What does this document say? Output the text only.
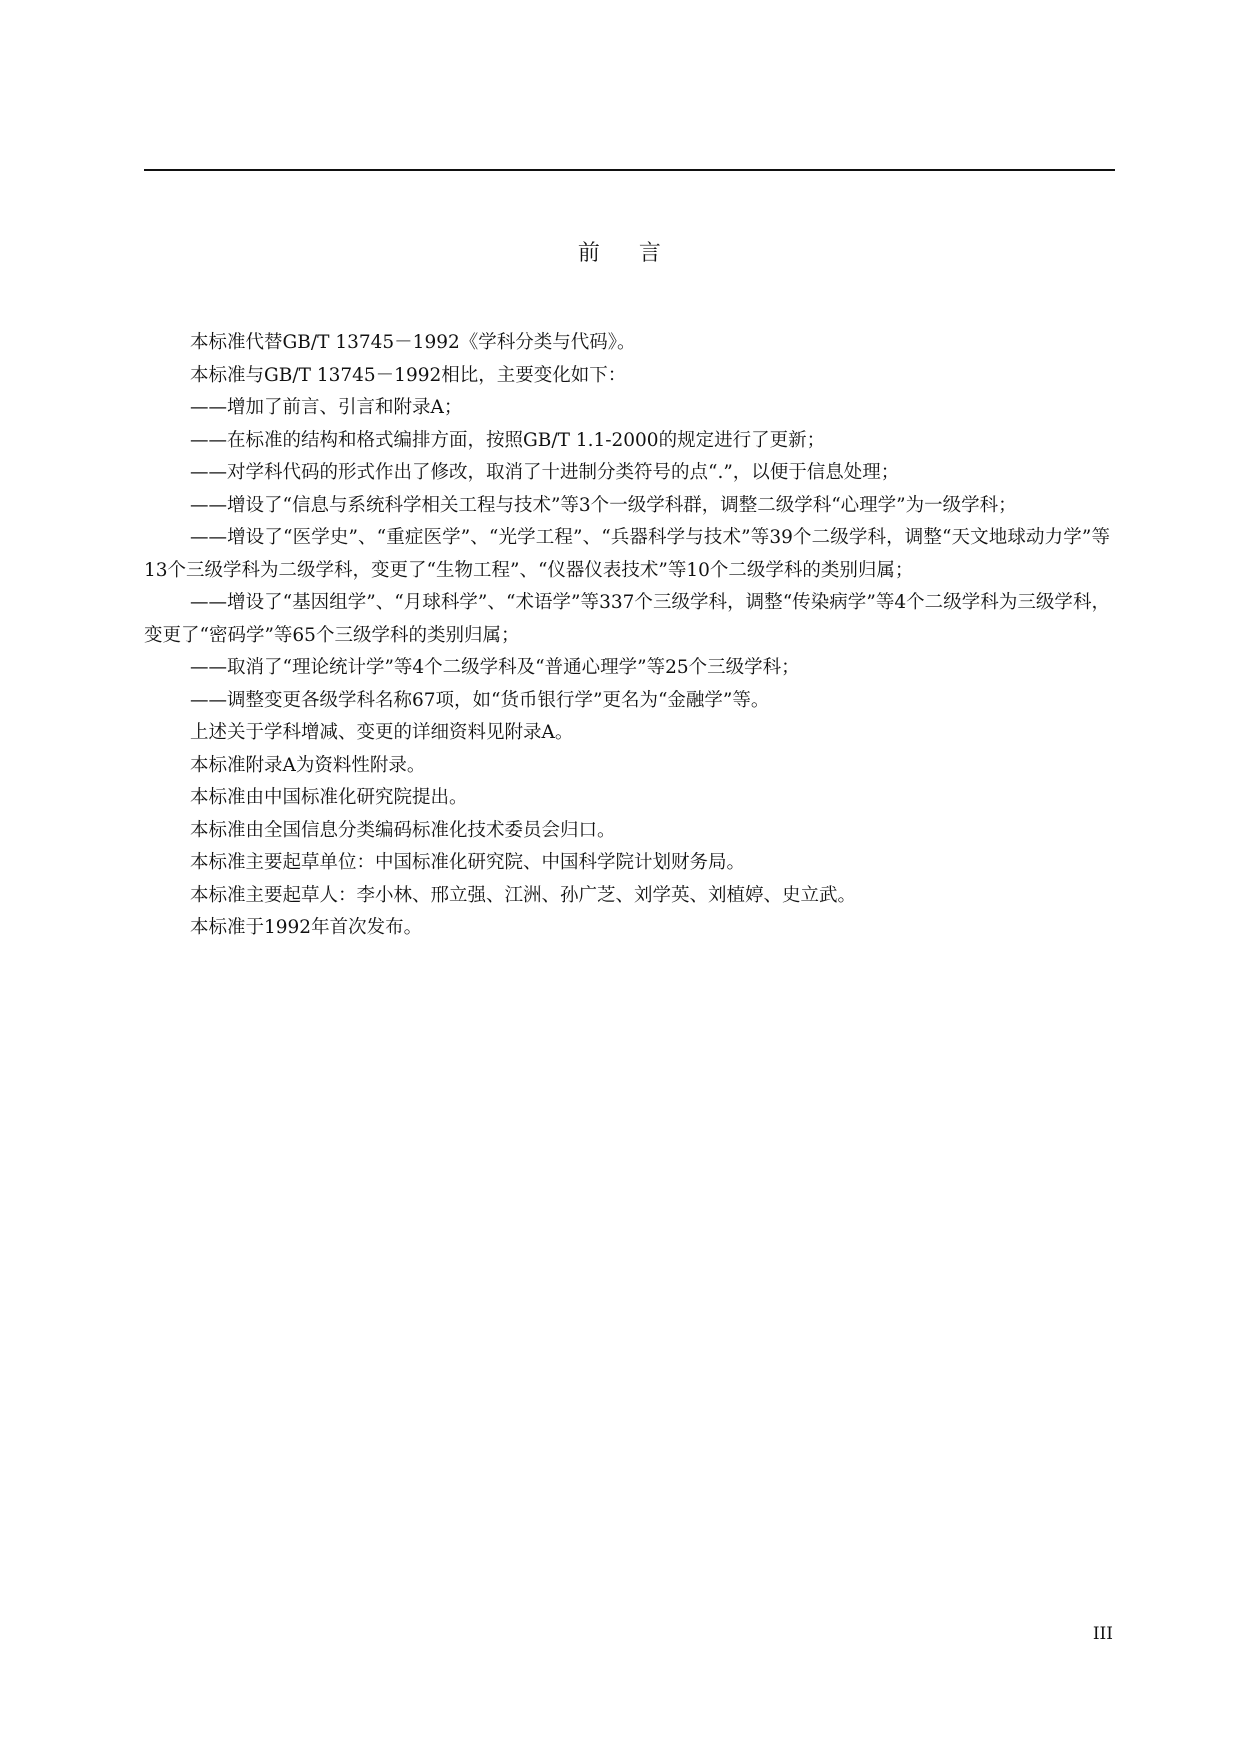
前    言

本标准代替GB/T 13745－1992《学科分类与代码》。

本标准与GB/T 13745－1992相比，主要变化如下：

——增加了前言、引言和附录A；

——在标准的结构和格式编排方面，按照GB/T 1.1-2000的规定进行了更新；

——对学科代码的形式作出了修改，取消了十进制分类符号的点“.”，以便于信息处理；

——增设了“信息与系统科学相关工程与技术”等3个一级学科群，调整二级学科“心理学”为一级学科；

——增设了“医学史”、“重症医学”、“光学工程”、“兵器科学与技术”等39个二级学科，调整“天文地球动力学”等13个三级学科为二级学科，变更了“生物工程”、“仪器仪表技术”等10个二级学科的类别归属；

——增设了“基因组学”、“月球科学”、“术语学”等337个三级学科，调整“传染病学”等4个二级学科为三级学科，变更了“密码学”等65个三级学科的类别归属；

——取消了“理论统计学”等4个二级学科及“普通心理学”等25个三级学科；

——调整变更各级学科名称67项，如“货币银行学”更名为“金融学”等。

上述关于学科增减、变更的详细资料见附录A。

本标准附录A为资料性附录。

本标准由中国标准化研究院提出。

本标准由全国信息分类编码标准化技术委员会归口。

本标准主要起草单位：中国标准化研究院、中国科学院计划财务局。

本标准主要起草人：李小林、邢立强、江洲、孙广芝、刘学英、刘植婷、史立武。

本标准于1992年首次发布。

III
